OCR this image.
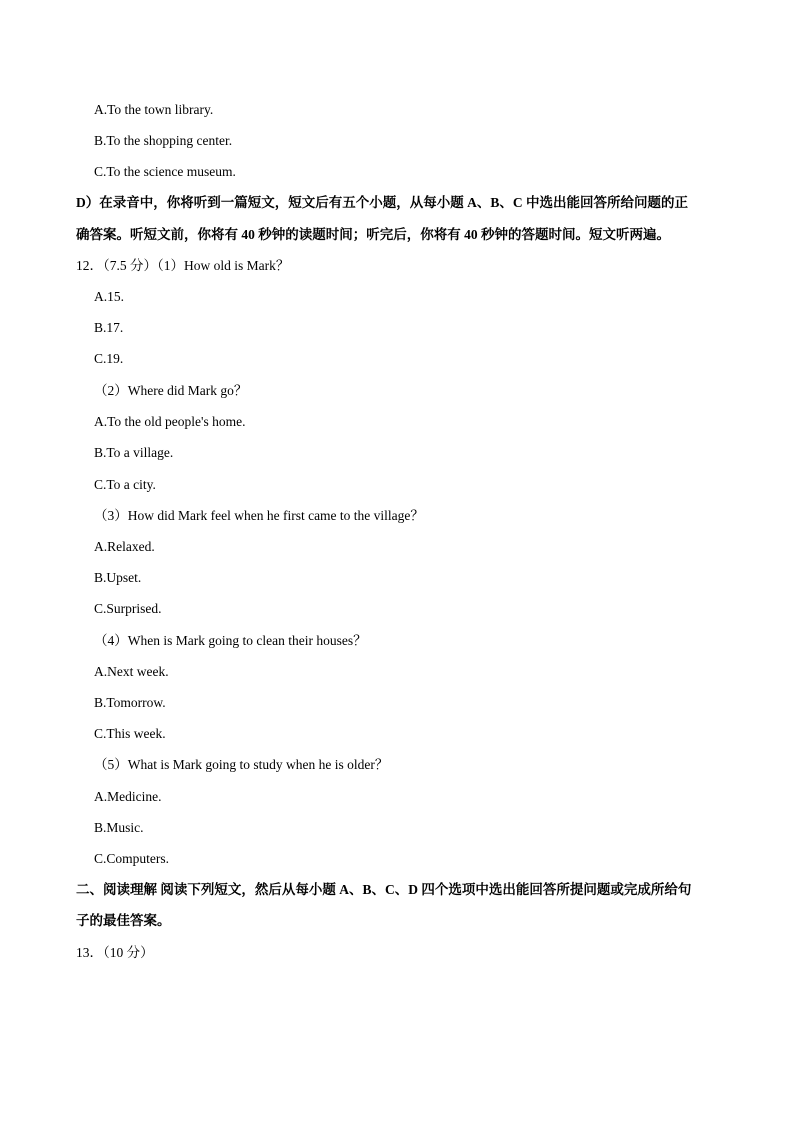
A.To the town library.
B.To the shopping center.
C.To the science museum.
D）在录音中，你将听到一篇短文，短文后有五个小题，从每小题 A、B、C 中选出能回答所给问题的正
确答案。听短文前，你将有 40 秒钟的读题时间；听完后，你将有 40 秒钟的答题时间。短文听两遍。
12．（7.5 分）（1）How old is Mark？
A.15.
B.17.
C.19.
（2）Where did Mark go？
A.To the old people's home.
B.To a village.
C.To a city.
（3）How did Mark feel when he first came to the village？
A.Relaxed.
B.Upset.
C.Surprised.
（4）When is Mark going to clean their houses？
A.Next week.
B.Tomorrow.
C.This week.
（5）What is Mark going to study when he is older？
A.Medicine.
B.Music.
C.Computers.
二、阅读理解 阅读下列短文，然后从每小题 A、B、C、D 四个选项中选出能回答所提问题或完成所给句
子的最佳答案。
13．（10 分）
